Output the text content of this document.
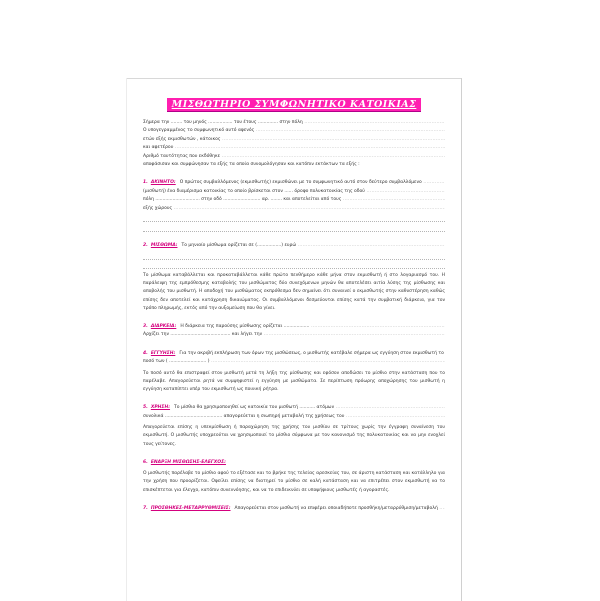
ΜΙΣΘΩΤΗΡΙΟ ΣΥΜΦΩΝΗΤΙΚΟ ΚΑΤΟΙΚΙΑΣ
Σήμερα την ........ του μηνός ................. του έτους .............. στην πόλη .....
Ο υπογεγραμμένος το συμφωνητικό αυτό αφενός .....
ετών εξής εκμισθωτών , κάτοικος .....
και αφετέρου .....
Αριθμό ταυτότητας που εκδόθηκε .....
αποφάσισαν και συμφώνησαν τα εξής τα οποία συνομολόγησαν και κατόπιν εκτάκτων τα εξής :
1. ΑΚΙΝΗΤΟ: Ο πρώτος συμβαλλόμενος (εκμισθωτής) εκμισθώνει με το συμφωνητικό αυτό στον δεύτερο συμβαλλόμενο .....
(μισθωτή) ένα διαμέρισμα κατοικίας το οποίο βρίσκεται στον ...... όροφο πολυκατοικίας της οδού .....
πόλη ............................... στην οδό .......................... αρ. ........ και αποτελείται από τους .....
εξής χώρους .....
2. ΜΙΣΘΩΜΑ: Το μηνιαίο μίσθωμα ορίζεται σε (.................) ευρώ .....
Το μίσθωμα καταβάλλεται και προκαταβάλλεται κάθε πρώτο πενθήμερο κάθε μήνα στον εκμισθωτή ή στο λογαριασμό του. Η παράλειψη της εμπρόθεσμης καταβολής του μισθώματος δύο συνεχόμενων μηνών θα αποτελέσει αιτία λύσης της μίσθωσης και αποβολής του μισθωτή. Η αποδοχή του μισθώματος εκπρόθεσμα δεν σημαίνει ότι συναινεί ο εκμισθωτής στην καθυστέρηση καθώς επίσης δεν αποτελεί και κατάχρηση δικαιώματος. Οι συμβαλλόμενοι δεσμεύονται επίσης κατά την συμβατική διάρκεια, για τον τρόπο πληρωμής, εκτός από την αυξομείωση που θα γίνει.
3. ΔΙΑΡΚΕΙΑ: Η διάρκεια της παρούσης μίσθωσης ορίζεται .................. .....
Αρχίζει την .......................................... και λήγει την .....
4. ΕΓΓΥΗΣΗ: Για την ακριβή εκπλήρωση των όρων της μισθώσεως, ο μισθωτής κατέβαλε σήμερα ως εγγύηση στον εκμισθωτή το .....
ποσό των ( .......................... ) .....
Το ποσό αυτό θα επιστραφεί στον μισθωτή μετά τη λήξη της μίσθωσης και εφόσον αποδώσει το μίσθιο στην κατάσταση που το παρέλαβε. Απαγορεύεται ρητά να συμψηφιστεί η εγγύηση με μισθώματα. Σε περίπτωση πρόωρης αποχώρησης του μισθωτή η εγγύηση καταπίπτει υπέρ του εκμισθωτή ως ποινική ρήτρα.
5. ΧΡΗΣΗ: Το μίσθιο θα χρησιμοποιηθεί ως κατοικία του μισθωτή ........... ατόμων .....
συνολικά ........................................ απαγορεύεται η σιωπηρή μεταβολή της χρήσεως του .....
Απαγορεύεται επίσης η υπεκμίσθωση ή παραχώρηση της χρήσης του μισθίου σε τρίτους χωρίς την έγγραφη συναίνεση του εκμισθωτή. Ο μισθωτής υποχρεούται να χρησιμοποιεί το μίσθιο σύμφωνα με τον κανονισμό της πολυκατοικίας και να μην ενοχλεί τους γείτονες.
6. ΕΝΑΡΞΗ ΜΙΣΘΩΣΗΣ-ΕΛΕΓΧΟΣ:
Ο μισθωτής παρέλαβε το μίσθιο αφού το εξέτασε και το βρήκε της τελείας αρεσκείας του, σε άριστη κατάσταση και κατάλληλο για την χρήση που προορίζεται. Οφείλει επίσης να διατηρεί το μίσθιο σε καλή κατάσταση και να επιτρέπει στον εκμισθωτή να το επισκέπτεται για έλεγχο, κατόπιν συνεννόησης, και να το επιδεικνύει σε υποψήφιους μισθωτές ή αγοραστές.
7. ΠΡΟΣΘΗΚΕΣ-ΜΕΤΑΡΡΥΘΜΙΣΕΙΣ: Απαγορεύεται στον μισθωτή να επιφέρει οποιαδήποτε προσθήκη/μεταρρύθμιση/μεταβολή .....
